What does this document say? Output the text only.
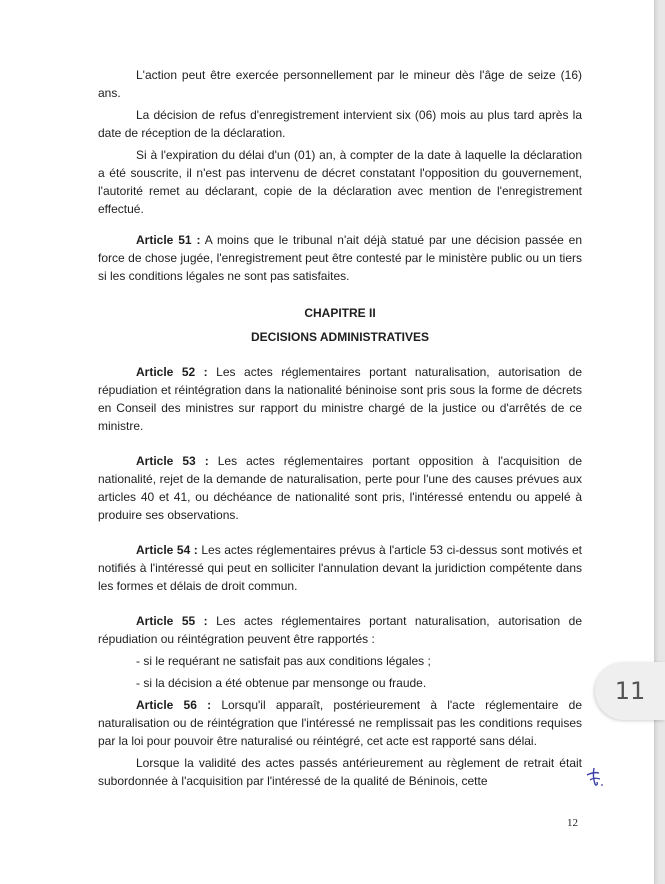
L'action peut être exercée personnellement par le mineur dès l'âge de seize (16) ans.

La décision de refus d'enregistrement intervient six (06) mois au plus tard après la date de réception de la déclaration.

Si à l'expiration du délai d'un (01) an, à compter de la date à laquelle la déclaration a été souscrite, il n'est pas intervenu de décret constatant l'opposition du gouvernement, l'autorité remet au déclarant, copie de la déclaration avec mention de l'enregistrement effectué.

Article 51 : A moins que le tribunal n'ait déjà statué par une décision passée en force de chose jugée, l'enregistrement peut être contesté par le ministère public ou un tiers si les conditions légales ne sont pas satisfaites.

CHAPITRE II

DECISIONS ADMINISTRATIVES

Article 52 : Les actes réglementaires portant naturalisation, autorisation de répudiation et réintégration dans la nationalité béninoise sont pris sous la forme de décrets en Conseil des ministres sur rapport du ministre chargé de la justice ou d'arrêtés de ce ministre.

Article 53 : Les actes réglementaires portant opposition à l'acquisition de nationalité, rejet de la demande de naturalisation, perte pour l'une des causes prévues aux articles 40 et 41, ou déchéance de nationalité sont pris, l'intéressé entendu ou appelé à produire ses observations.

Article 54 : Les actes réglementaires prévus à l'article 53 ci-dessus sont motivés et notifiés à l'intéressé qui peut en solliciter l'annulation devant la juridiction compétente dans les formes et délais de droit commun.

Article 55 : Les actes réglementaires portant naturalisation, autorisation de répudiation ou réintégration peuvent être rapportés :

- si le requérant ne satisfait pas aux conditions légales ;

- si la décision a été obtenue par mensonge ou fraude.

Article 56 : Lorsqu'il apparaît, postérieurement à l'acte réglementaire de naturalisation ou de réintégration que l'intéressé ne remplissait pas les conditions requises par la loi pour pouvoir être naturalisé ou réintégré, cet acte est rapporté sans délai.

Lorsque la validité des actes passés antérieurement au règlement de retrait était subordonnée à l'acquisition par l'intéressé de la qualité de Béninois, cette

12
11
